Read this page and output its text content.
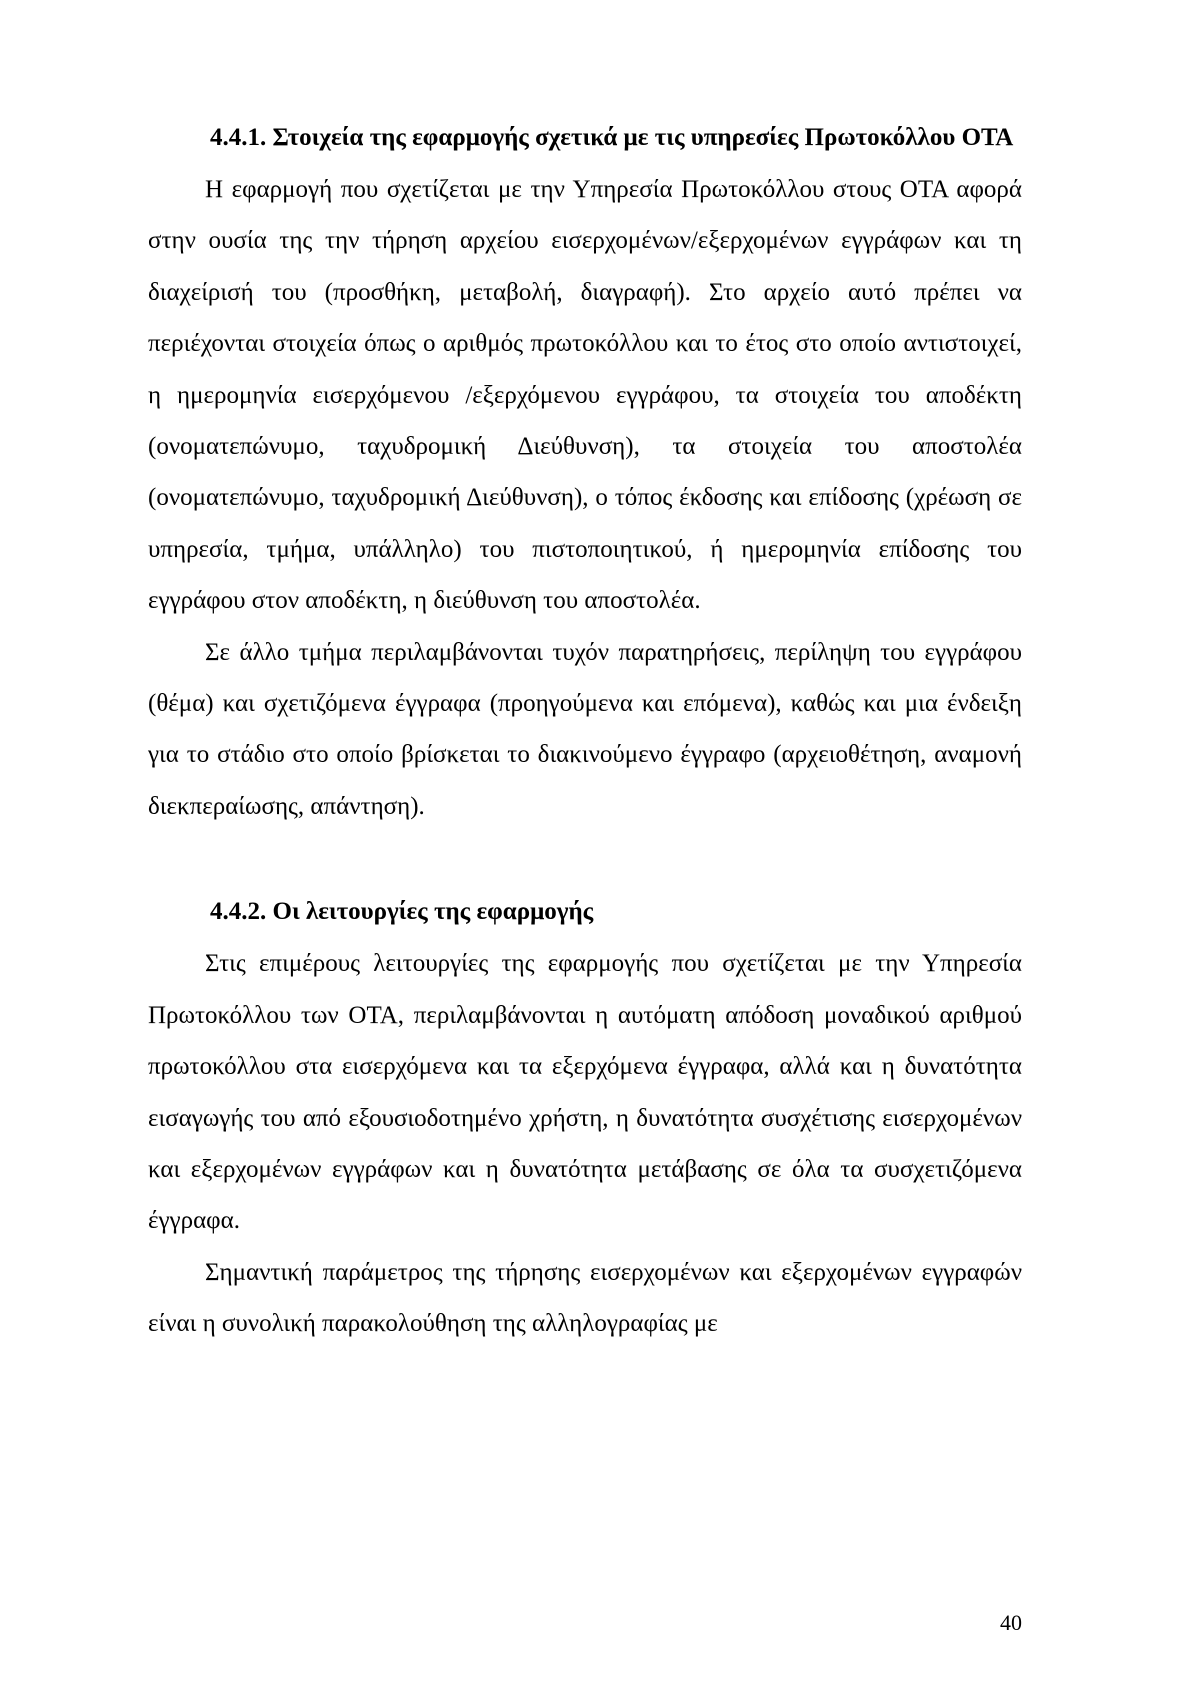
4.4.1. Στοιχεία της εφαρμογής σχετικά με τις υπηρεσίες Πρωτοκόλλου ΟΤΑ

Η εφαρμογή που σχετίζεται με την Υπηρεσία Πρωτοκόλλου στους ΟΤΑ αφορά στην ουσία της την τήρηση αρχείου εισερχομένων/εξερχομένων εγγράφων και τη διαχείρισή του (προσθήκη, μεταβολή, διαγραφή). Στο αρχείο αυτό πρέπει να περιέχονται στοιχεία όπως ο αριθμός πρωτοκόλλου και το έτος στο οποίο αντιστοιχεί, η ημερομηνία εισερχόμενου /εξερχόμενου εγγράφου, τα στοιχεία του αποδέκτη (ονοματεπώνυμο, ταχυδρομική Διεύθυνση), τα στοιχεία του αποστολέα (ονοματεπώνυμο, ταχυδρομική Διεύθυνση), ο τόπος έκδοσης και επίδοσης (χρέωση σε υπηρεσία, τμήμα, υπάλληλο) του πιστοποιητικού, ή ημερομηνία επίδοσης του εγγράφου στον αποδέκτη, η διεύθυνση του αποστολέα.

Σε άλλο τμήμα περιλαμβάνονται τυχόν παρατηρήσεις, περίληψη του εγγράφου (θέμα) και σχετιζόμενα έγγραφα (προηγούμενα και επόμενα), καθώς και μια ένδειξη για το στάδιο στο οποίο βρίσκεται το διακινούμενο έγγραφο (αρχειοθέτηση, αναμονή διεκπεραίωσης, απάντηση).

4.4.2. Οι λειτουργίες της εφαρμογής

Στις επιμέρους λειτουργίες της εφαρμογής που σχετίζεται με την Υπηρεσία Πρωτοκόλλου των ΟΤΑ, περιλαμβάνονται η αυτόματη απόδοση μοναδικού αριθμού πρωτοκόλλου στα εισερχόμενα και τα εξερχόμενα έγγραφα, αλλά και η δυνατότητα εισαγωγής του από εξουσιοδοτημένο χρήστη, η δυνατότητα συσχέτισης εισερχομένων και εξερχομένων εγγράφων και η δυνατότητα μετάβασης σε όλα τα συσχετιζόμενα έγγραφα.

Σημαντική παράμετρος της τήρησης εισερχομένων και εξερχομένων εγγραφών είναι η συνολική παρακολούθηση της αλληλογραφίας με

40
